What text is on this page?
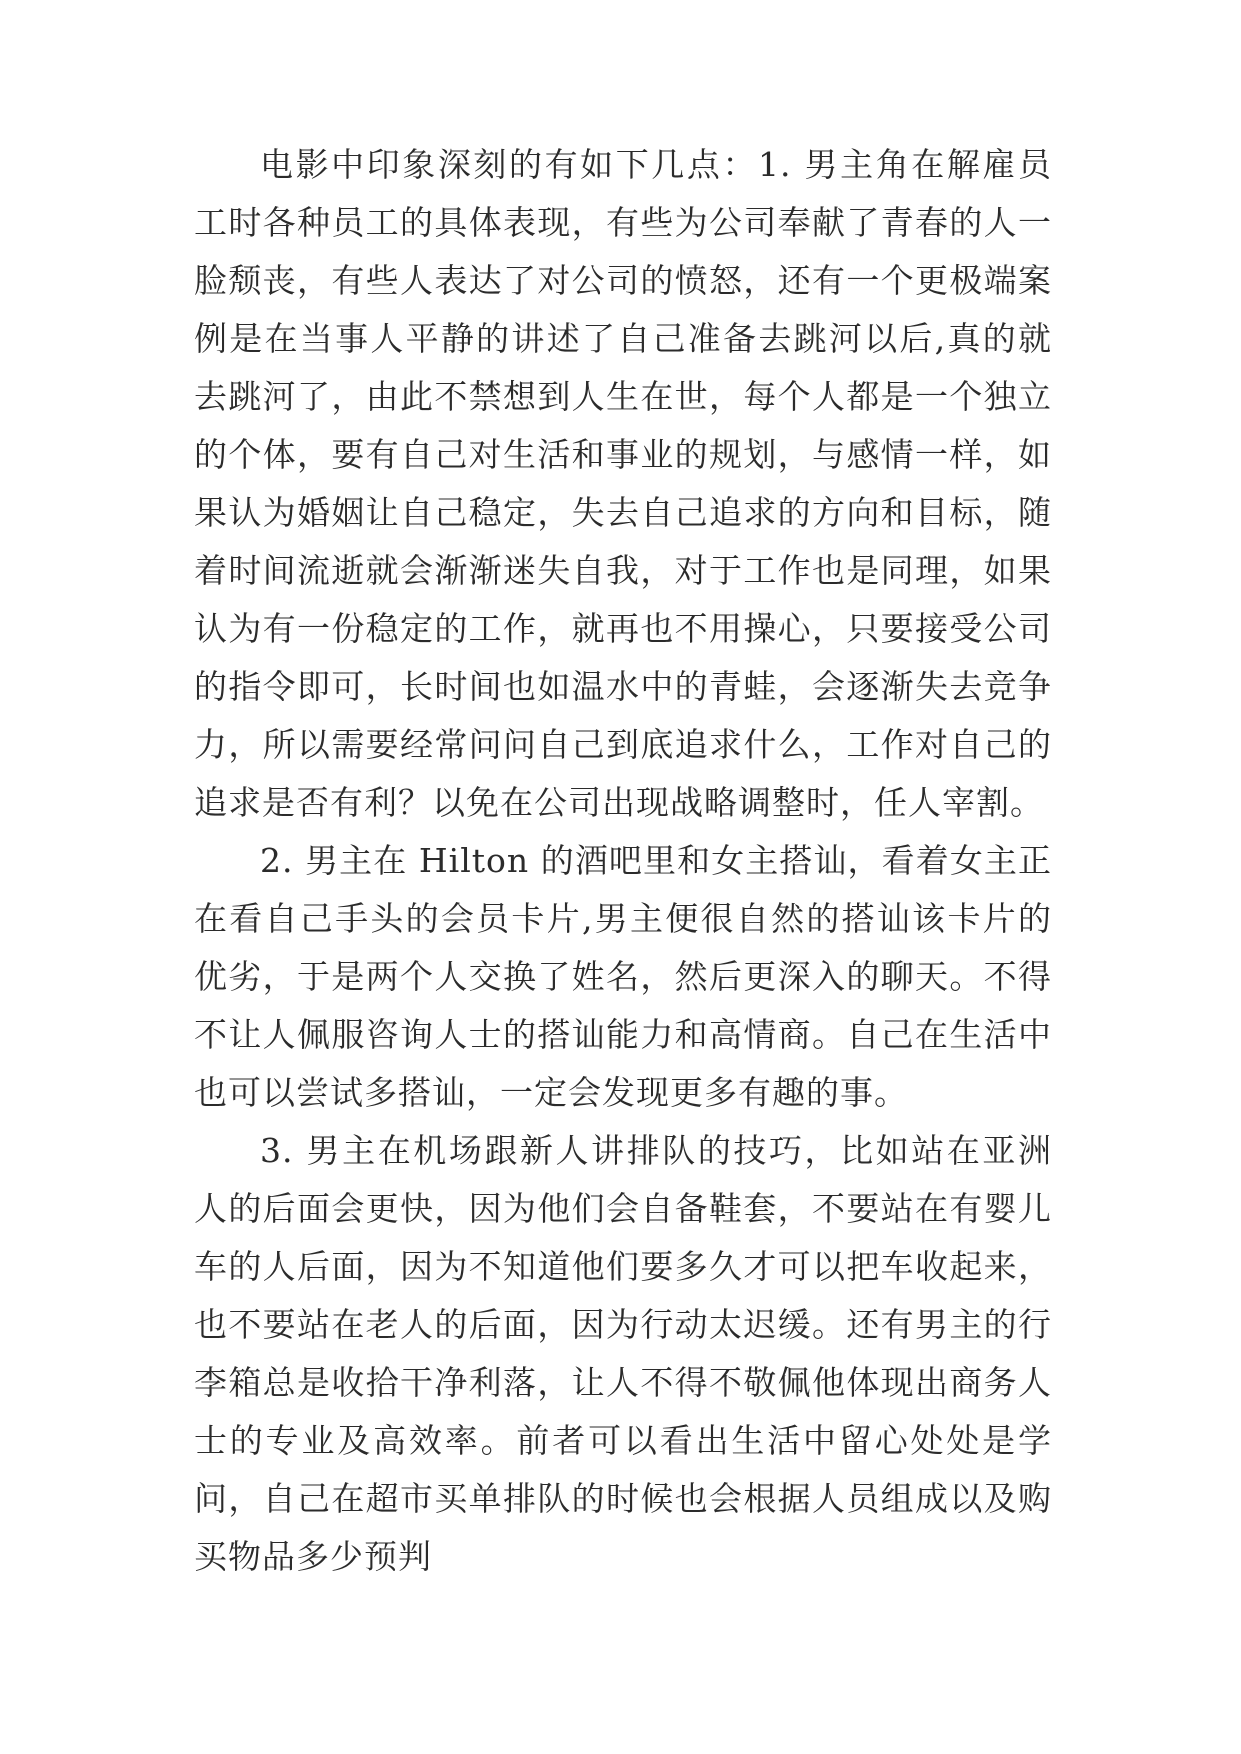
电影中印象深刻的有如下几点：1. 男主角在解雇员工时各种员工的具体表现，有些为公司奉献了青春的人一脸颓丧，有些人表达了对公司的愤怒，还有一个更极端案例是在当事人平静的讲述了自己准备去跳河以后,真的就去跳河了，由此不禁想到人生在世，每个人都是一个独立的个体，要有自己对生活和事业的规划，与感情一样，如果认为婚姻让自己稳定，失去自己追求的方向和目标，随着时间流逝就会渐渐迷失自我，对于工作也是同理，如果认为有一份稳定的工作，就再也不用操心，只要接受公司的指令即可，长时间也如温水中的青蛙，会逐渐失去竞争力，所以需要经常问问自己到底追求什么，工作对自己的追求是否有利？以免在公司出现战略调整时，任人宰割。

2. 男主在 Hilton 的酒吧里和女主搭讪，看着女主正在看自己手头的会员卡片,男主便很自然的搭讪该卡片的优劣，于是两个人交换了姓名，然后更深入的聊天。不得不让人佩服咨询人士的搭讪能力和高情商。自己在生活中也可以尝试多搭讪，一定会发现更多有趣的事。

3. 男主在机场跟新人讲排队的技巧，比如站在亚洲人的后面会更快，因为他们会自备鞋套，不要站在有婴儿车的人后面，因为不知道他们要多久才可以把车收起来，也不要站在老人的后面，因为行动太迟缓。还有男主的行李箱总是收拾干净利落，让人不得不敬佩他体现出商务人士的专业及高效率。前者可以看出生活中留心处处是学问，自己在超市买单排队的时候也会根据人员组成以及购买物品多少预判
